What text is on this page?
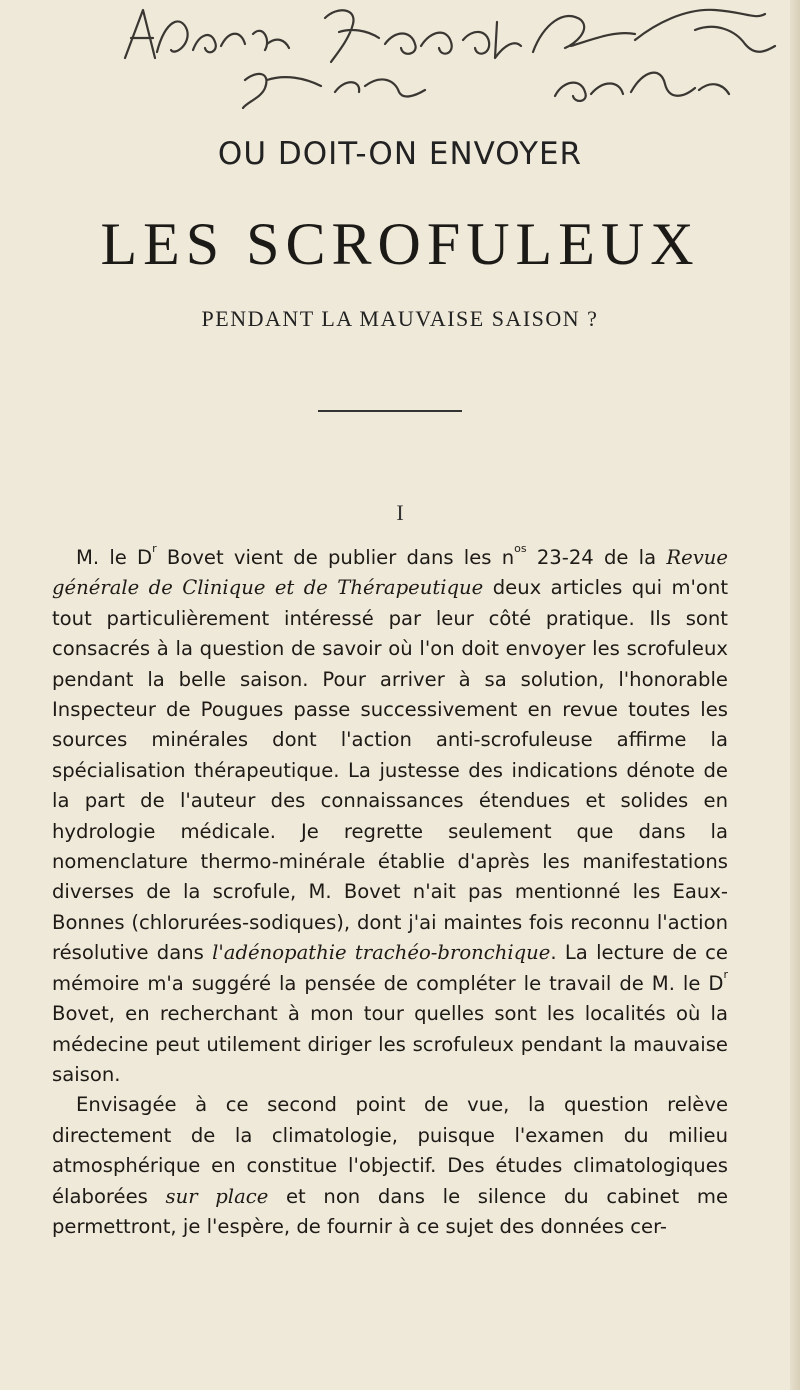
OU DOIT-ON ENVOYER
LES SCROFULEUX
PENDANT LA MAUVAISE SAISON ?
I

M. le $D^r$ Bovet vient de publier dans les $n^{os}$ 23-24 de la Revue générale de Clinique et de Thérapeutique deux articles qui m'ont tout particulièrement intéressé par leur côté pratique. Ils sont consacrés à la question de savoir où l'on doit envoyer les scrofuleux pendant la belle saison. Pour arriver à sa solution, l'honorable Inspecteur de Pougues passe successivement en revue toutes les sources minérales dont l'action anti-scrofuleuse affirme la spécialisation thérapeutique. La justesse des indications dénote de la part de l'auteur des connaissances étendues et solides en hydrologie médicale. Je regrette seulement que dans la nomenclature thermo-minérale établie d'après les manifestations diverses de la scrofule, M. Bovet n'ait pas mentionné les Eaux-Bonnes (chlorurées-sodiques), dont j'ai maintes fois reconnu l'action résolutive dans l'adénopathie trachéo-bronchique. La lecture de ce mémoire m'a suggéré la pensée de compléter le travail de M. le $D^r$ Bovet, en recherchant à mon tour quelles sont les localités où la médecine peut utilement diriger les scrofuleux pendant la mauvaise saison.

Envisagée à ce second point de vue, la question relève directement de la climatologie, puisque l'examen du milieu atmosphérique en constitue l'objectif. Des études climatologiques élaborées sur place et non dans le silence du cabinet me permettront, je l'espère, de fournir à ce sujet des données cer-
